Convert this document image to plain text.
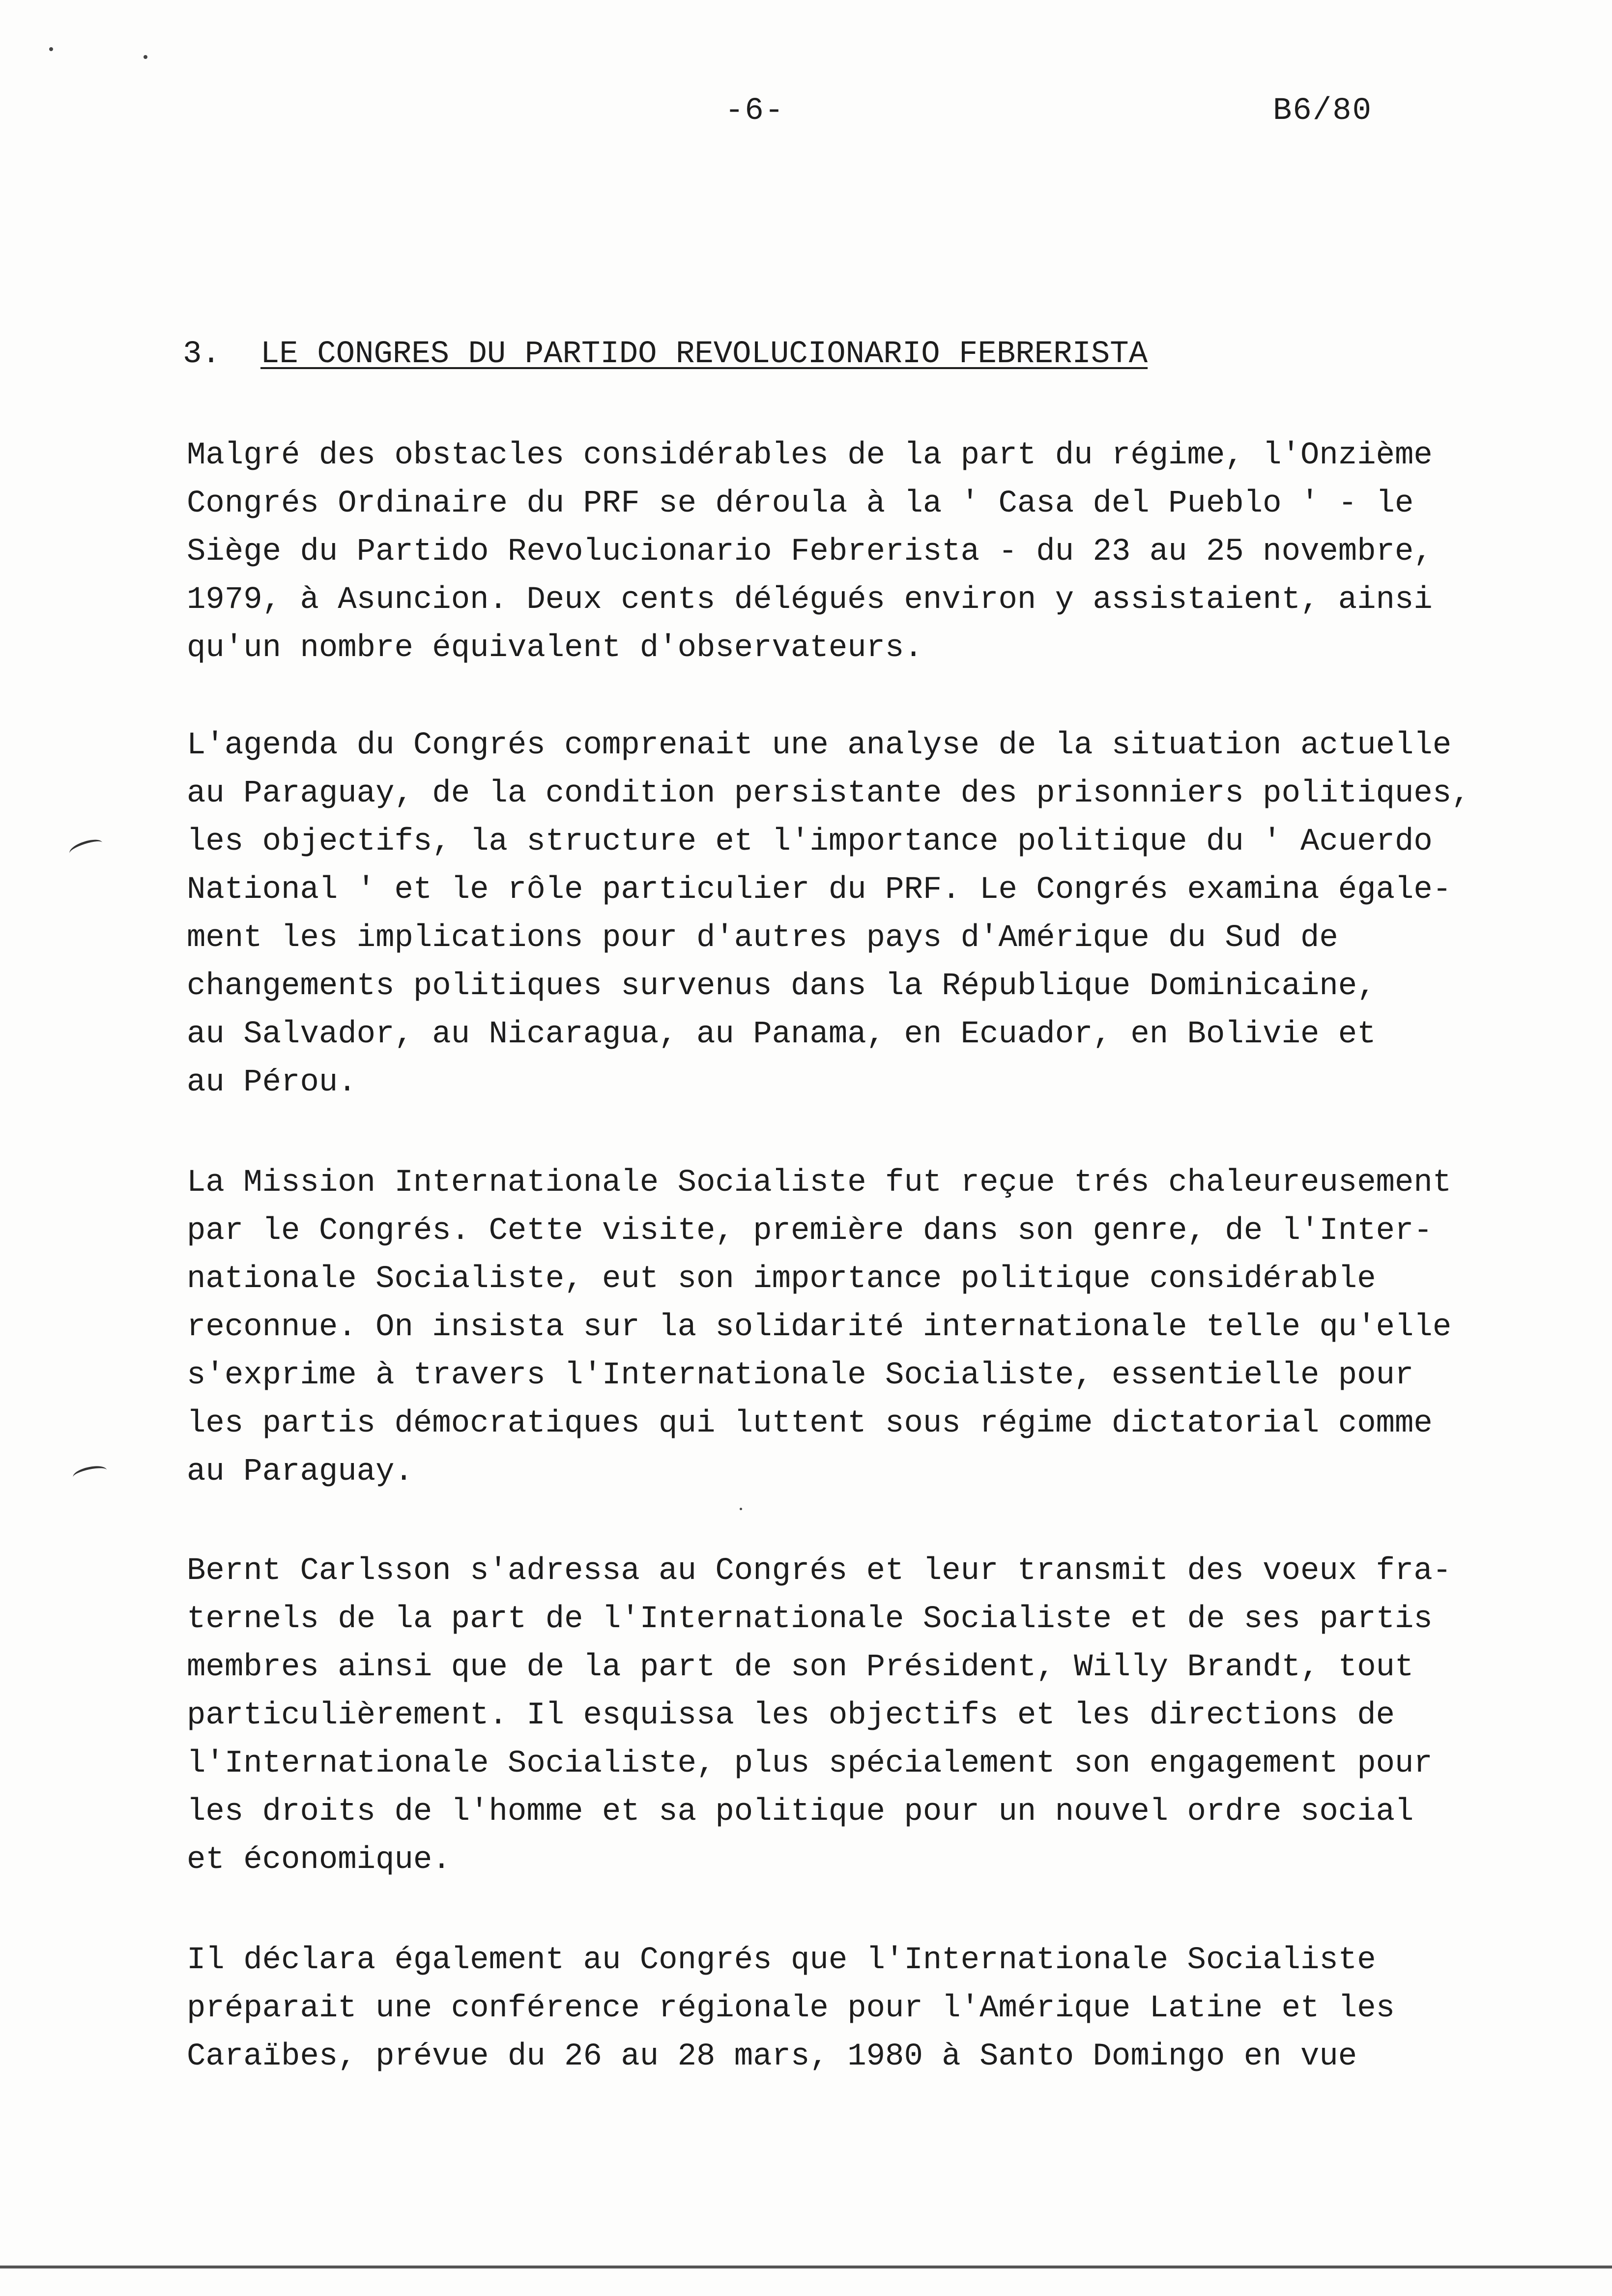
-6-	B6/80
3. LE CONGRES DU PARTIDO REVOLUCIONARIO FEBRERISTA
Malgré des obstacles considérables de la part du régime, l'Onzième
Congrés Ordinaire du PRF se déroula à la ' Casa del Pueblo ' - le
Siège du Partido Revolucionario Febrerista - du 23 au 25 novembre,
1979, à Asuncion. Deux cents délégués environ y assistaient, ainsi
qu'un nombre équivalent d'observateurs.
L'agenda du Congrés comprenait une analyse de la situation actuelle
au Paraguay, de la condition persistante des prisonniers politiques,
les objectifs, la structure et l'importance politique du ' Acuerdo
National ' et le rôle particulier du PRF. Le Congrés examina égale-
ment les implications pour d'autres pays d'Amérique du Sud de
changements politiques survenus dans la République Dominicaine,
au Salvador, au Nicaragua, au Panama, en Ecuador, en Bolivie et
au Pérou.
La Mission Internationale Socialiste fut reçue trés chaleureusement
par le Congrés. Cette visite, première dans son genre, de l'Inter-
nationale Socialiste, eut son importance politique considérable
reconnue. On insista sur la solidarité internationale telle qu'elle
s'exprime à travers l'Internationale Socialiste, essentielle pour
les partis démocratiques qui luttent sous régime dictatorial comme
au Paraguay.
Bernt Carlsson s'adressa au Congrés et leur transmit des voeux fra-
ternels de la part de l'Internationale Socialiste et de ses partis
membres ainsi que de la part de son Président, Willy Brandt, tout
particulièrement. Il esquissa les objectifs et les directions de
l'Internationale Socialiste, plus spécialement son engagement pour
les droits de l'homme et sa politique pour un nouvel ordre social
et économique.
Il déclara également au Congrés que l'Internationale Socialiste
préparait une conférence régionale pour l'Amérique Latine et les
Caraïbes, prévue du 26 au 28 mars, 1980 à Santo Domingo en vue
